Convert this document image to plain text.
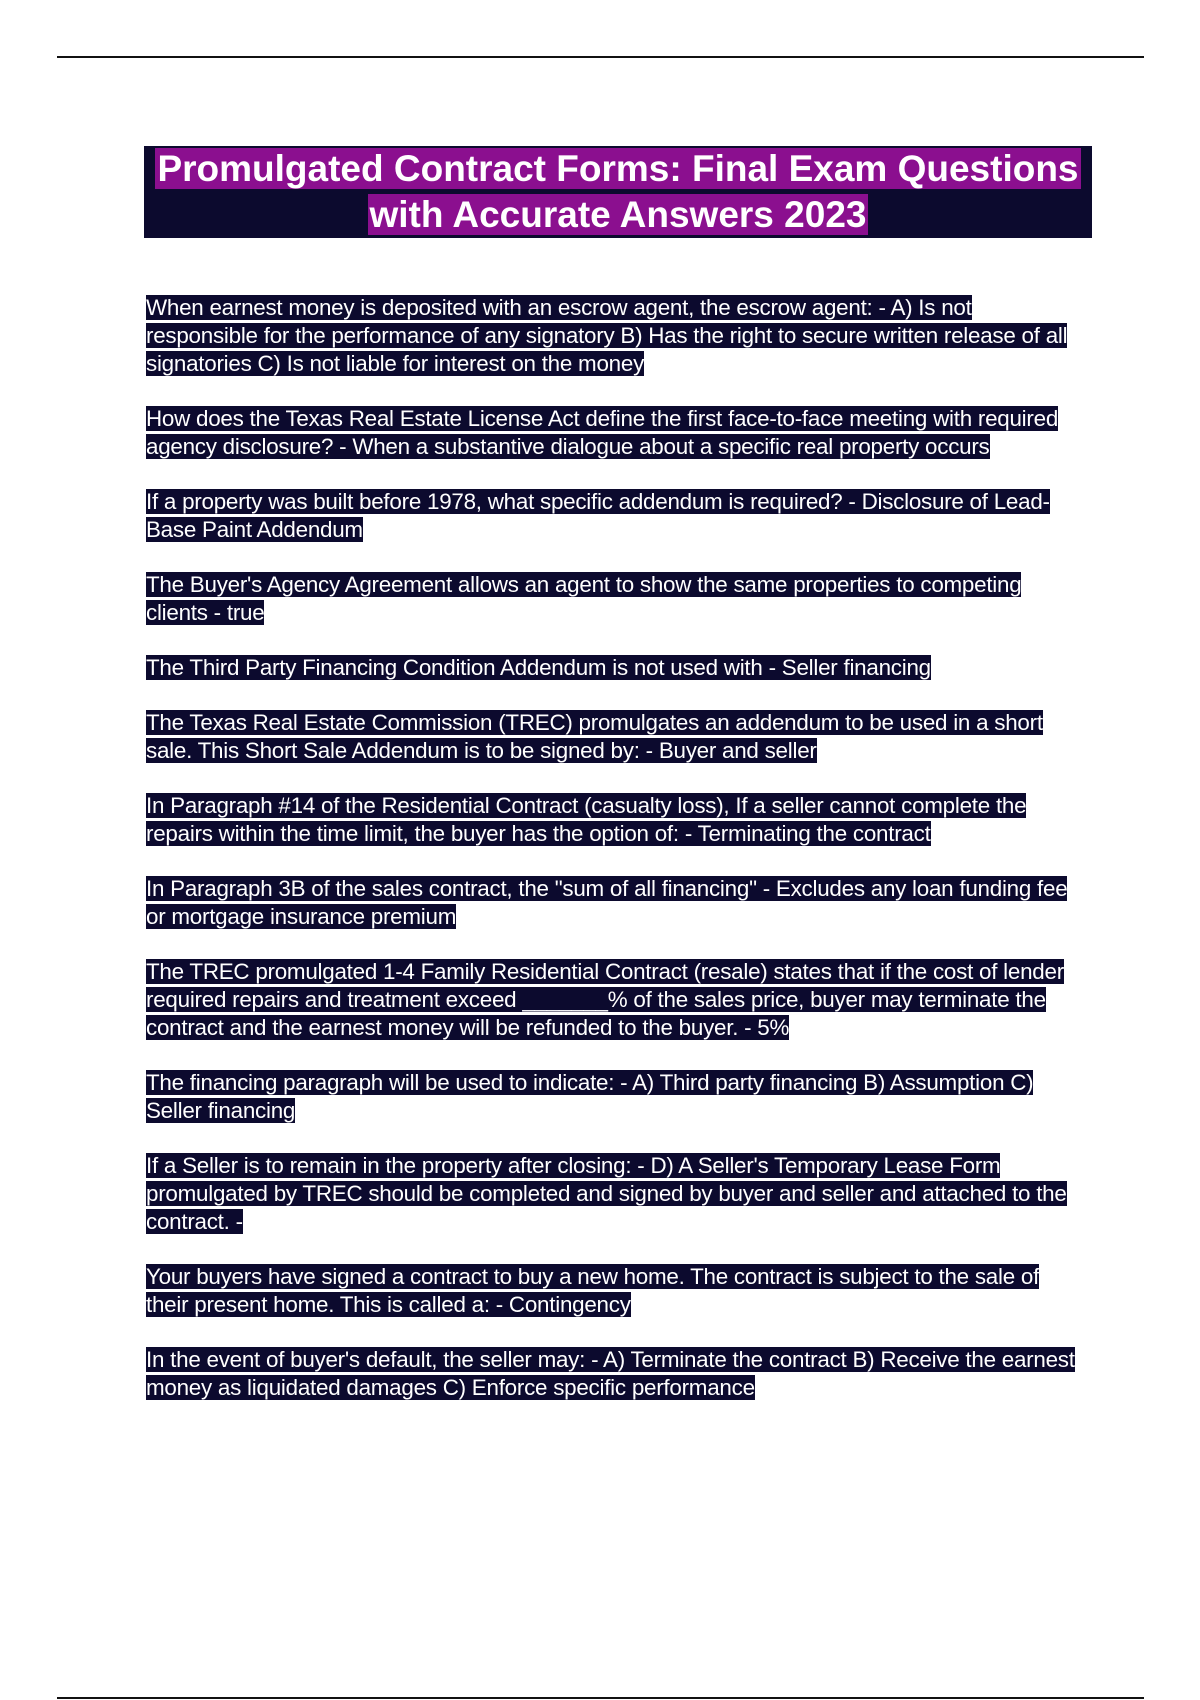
Promulgated Contract Forms: Final Exam Questions with Accurate Answers 2023

When earnest money is deposited with an escrow agent, the escrow agent: - A) Is not responsible for the performance of any signatory B) Has the right to secure written release of all signatories C) Is not liable for interest on the money

How does the Texas Real Estate License Act define the first face-to-face meeting with required agency disclosure? - When a substantive dialogue about a specific real property occurs

If a property was built before 1978, what specific addendum is required? - Disclosure of Lead-Base Paint Addendum

The Buyer's Agency Agreement allows an agent to show the same properties to competing clients - true

The Third Party Financing Condition Addendum is not used with - Seller financing

The Texas Real Estate Commission (TREC) promulgates an addendum to be used in a short sale. This Short Sale Addendum is to be signed by: - Buyer and seller

In Paragraph #14 of the Residential Contract (casualty loss), If a seller cannot complete the repairs within the time limit, the buyer has the option of: - Terminating the contract

In Paragraph 3B of the sales contract, the "sum of all financing" - Excludes any loan funding fee or mortgage insurance premium

The TREC promulgated 1-4 Family Residential Contract (resale) states that if the cost of lender required repairs and treatment exceed _______% of the sales price, buyer may terminate the contract and the earnest money will be refunded to the buyer. - 5%

The financing paragraph will be used to indicate: - A) Third party financing B) Assumption C) Seller financing

If a Seller is to remain in the property after closing: - D) A Seller's Temporary Lease Form promulgated by TREC should be completed and signed by buyer and seller and attached to the contract. -

Your buyers have signed a contract to buy a new home. The contract is subject to the sale of their present home. This is called a: - Contingency

In the event of buyer's default, the seller may: - A) Terminate the contract B) Receive the earnest money as liquidated damages C) Enforce specific performance
